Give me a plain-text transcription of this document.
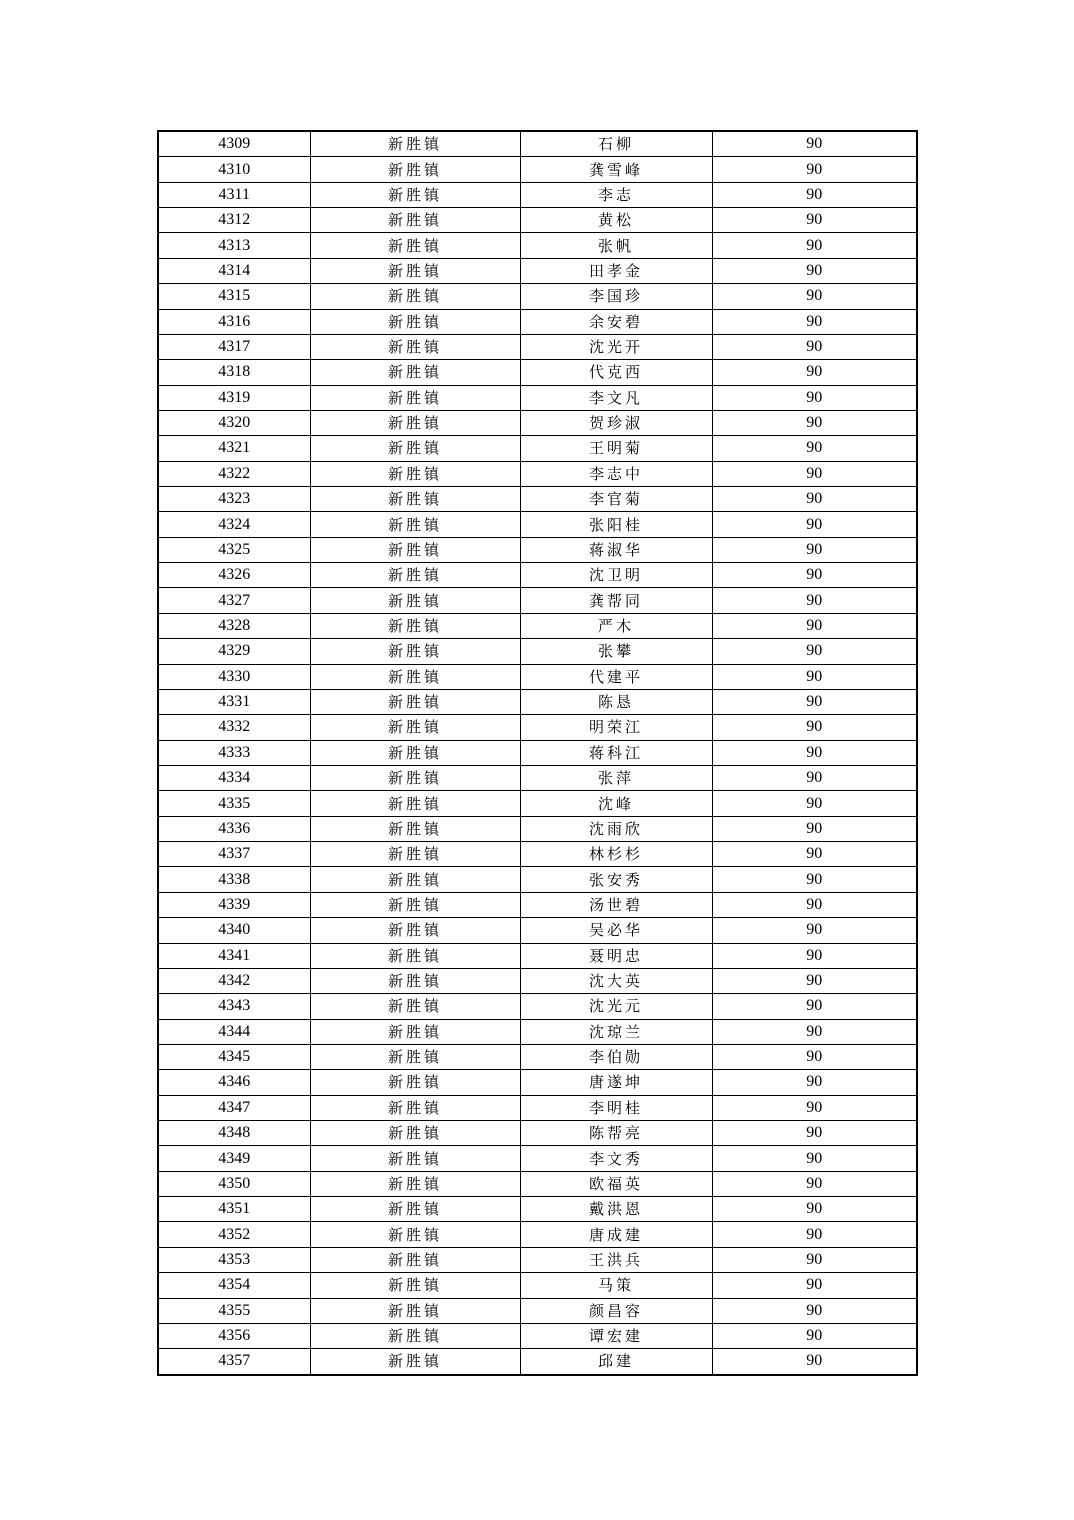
4309	新胜镇	石柳	90
4310	新胜镇	龚雪峰	90
4311	新胜镇	李志	90
4312	新胜镇	黄松	90
4313	新胜镇	张帆	90
4314	新胜镇	田孝金	90
4315	新胜镇	李国珍	90
4316	新胜镇	余安碧	90
4317	新胜镇	沈光开	90
4318	新胜镇	代克西	90
4319	新胜镇	李文凡	90
4320	新胜镇	贺珍淑	90
4321	新胜镇	王明菊	90
4322	新胜镇	李志中	90
4323	新胜镇	李官菊	90
4324	新胜镇	张阳桂	90
4325	新胜镇	蒋淑华	90
4326	新胜镇	沈卫明	90
4327	新胜镇	龚帮同	90
4328	新胜镇	严木	90
4329	新胜镇	张攀	90
4330	新胜镇	代建平	90
4331	新胜镇	陈恳	90
4332	新胜镇	明荣江	90
4333	新胜镇	蒋科江	90
4334	新胜镇	张萍	90
4335	新胜镇	沈峰	90
4336	新胜镇	沈雨欣	90
4337	新胜镇	林杉杉	90
4338	新胜镇	张安秀	90
4339	新胜镇	汤世碧	90
4340	新胜镇	吴必华	90
4341	新胜镇	聂明忠	90
4342	新胜镇	沈大英	90
4343	新胜镇	沈光元	90
4344	新胜镇	沈琼兰	90
4345	新胜镇	李伯勋	90
4346	新胜镇	唐遂坤	90
4347	新胜镇	李明桂	90
4348	新胜镇	陈帮亮	90
4349	新胜镇	李文秀	90
4350	新胜镇	欧福英	90
4351	新胜镇	戴洪恩	90
4352	新胜镇	唐成建	90
4353	新胜镇	王洪兵	90
4354	新胜镇	马策	90
4355	新胜镇	颜昌容	90
4356	新胜镇	谭宏建	90
4357	新胜镇	邱建	90
